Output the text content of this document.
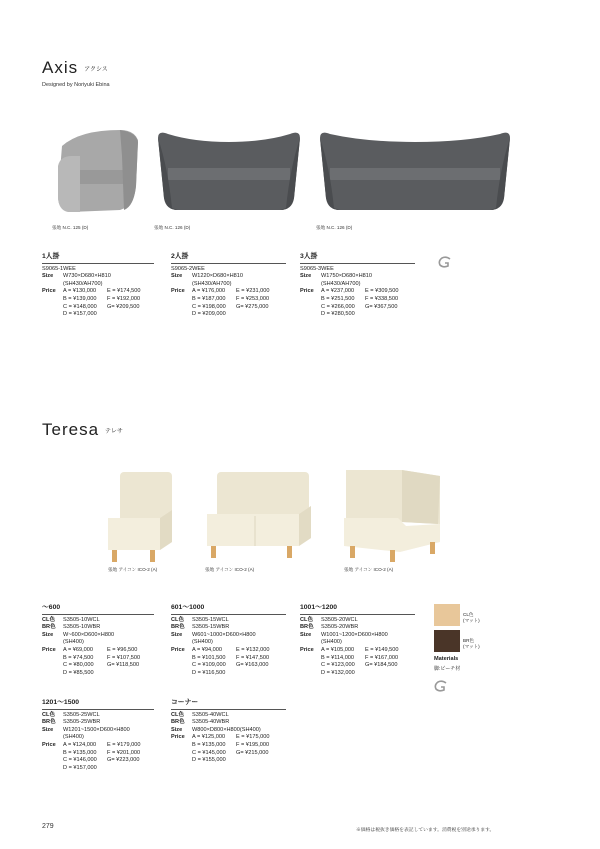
Axis アクシス
Designed by Noriyuki Ebina
張地 N.C. 125 (D)	張地 N.C. 126 (D)	張地 N.C. 126 (D)
1人掛
S9065-1WEE
Size	W730×D680×H810
(SH430/AH700)
Price	A = ¥130,000	E = ¥174,500
B = ¥139,000	F = ¥192,000
C = ¥148,000	G= ¥209,500
D = ¥157,000
2人掛
S9065-2WEE
Size	W1220×D680×H810
(SH430/AH700)
Price	A = ¥176,000	E = ¥231,000
B = ¥187,000	F = ¥253,000
C = ¥198,000	G= ¥275,000
D = ¥209,000
3人掛
S9065-3WEE
Size	W1750×D680×H810
(SH430/AH700)
Price	A = ¥237,000	E = ¥309,500
B = ¥251,500	F = ¥338,500
C = ¥266,000	G= ¥367,500
D = ¥280,500
Teresa テレサ
張地 アイコン ICO-2 (A)	張地 アイコン ICO-2 (A)	張地 アイコン ICO-2 (A)
～600
CL色	S3505-10WCL
BR色	S3505-10WBR
Size	W~600×D600×H800
(SH400)
Price	A = ¥69,000	E = ¥96,500
B = ¥74,500	F = ¥107,500
C = ¥80,000	G= ¥118,500
D = ¥85,500
601～1000
CL色	S3505-15WCL
BR色	S3505-15WBR
Size	W601~1000×D600×H800
(SH400)
Price	A = ¥94,000	E = ¥132,000
B = ¥101,500	F = ¥147,500
C = ¥109,000	G= ¥163,000
D = ¥116,500
1001～1200
CL色	S3505-20WCL
BR色	S3505-20WBR
Size	W1001~1200×D600×H800
(SH400)
Price	A = ¥105,000	E = ¥149,500
B = ¥114,000	F = ¥167,000
C = ¥123,000	G= ¥184,500
D = ¥132,000
CL色
(マット)
BR色
(マット)
Materials
脚:ビーチ材
1201～1500
CL色	S3505-25WCL
BR色	S3505-25WBR
Size	W1201~1500×D600×H800
(SH400)
Price	A = ¥124,000	E = ¥179,000
B = ¥135,000	F = ¥201,000
C = ¥146,000	G= ¥223,000
D = ¥157,000
コーナー
CL色	S3505-40WCL
BR色	S3505-40WBR
Size	W800×D800×H800(SH400)
Price	A = ¥125,000	E = ¥175,000
B = ¥135,000	F = ¥195,000
C = ¥145,000	G= ¥215,000
D = ¥155,000
279
※価格は税抜き価格を表記しています。消費税を別途承ります。
